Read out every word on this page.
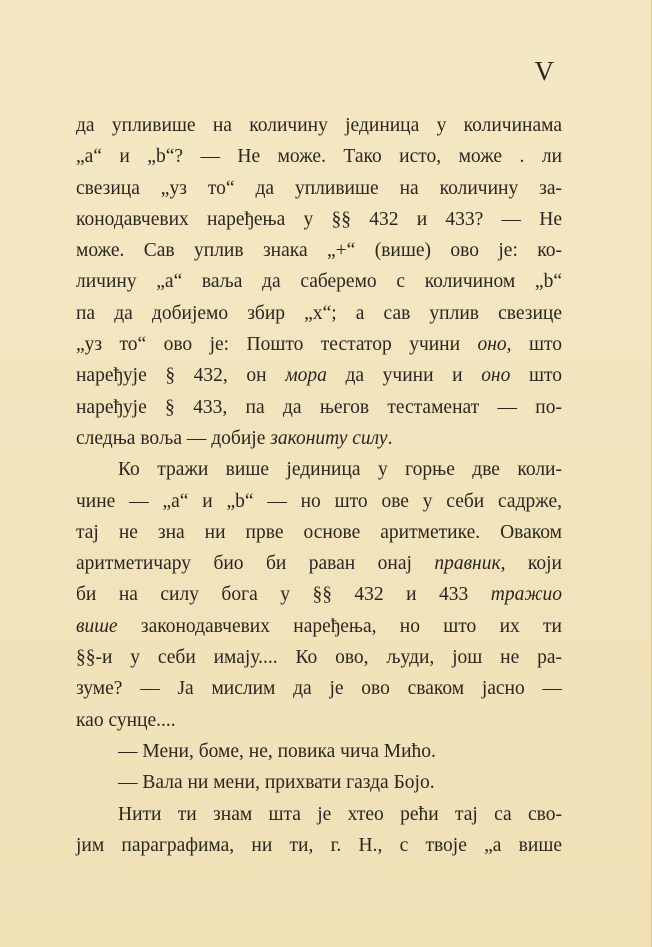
V
да упливише на количину јединица у количинама
„а“ и „b“? — Не може. Тако исто, може . ли
свезица „уз то“ да упливише на количину за-
конодавчевих наређења у §§ 432 и 433? — Не
може. Сав уплив знака „+“ (више) ово је: ко-
личину „а“ ваља да саберемо с количином „b“
па да добијемо збир „x“; а сав уплив свезице
„уз то“ ово је: Пошто тестатор учини оно, што
наређује § 432, он мора да учини и оно што
наређује § 433, па да његов тестаменат — по-
следња воља — добије закониту силу.
Ко тражи више јединица у горње две коли-
чине — „а“ и „b“ — но што ове у себи садрже,
тај не зна ни прве основе аритметике. Оваком
аритметичару био би раван онај правник, који
би на силу бога у §§ 432 и 433 тражио
више законодавчевих наређења, но што их ти
§§-и у себи имају.... Ко ово, људи, још не ра-
зуме? — Ја мислим да је ово сваком јасно —
као сунце....
— Мени, боме, не, повика чича Мићо.
— Вала ни мени, прихвати газда Бојо.
Нити ти знам шта је хтео рећи тај са сво-
јим параграфима, ни ти, г. Н., с твоје „а више
